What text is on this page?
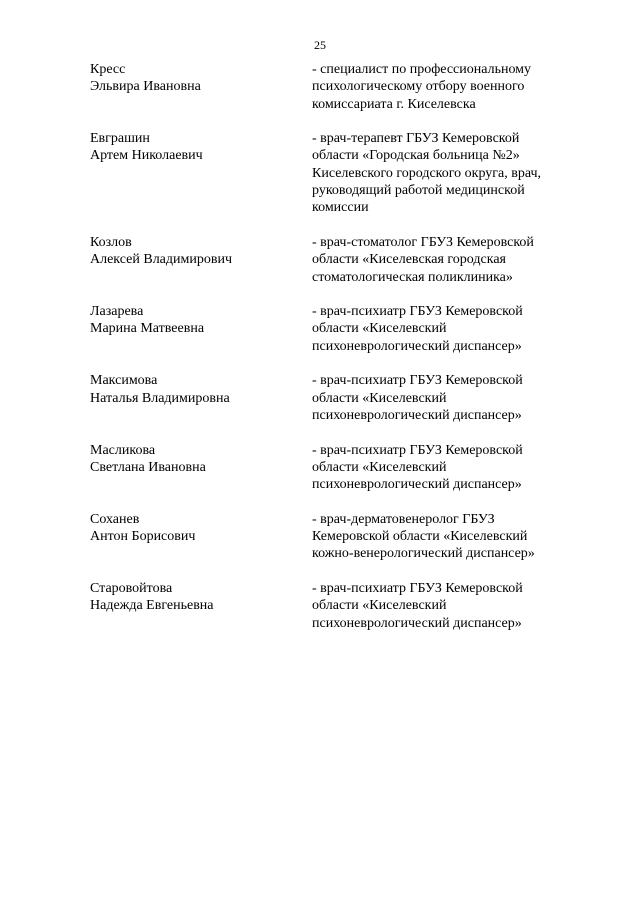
25
Кресс
Эльвира Ивановна
- специалист по профессиональному
психологическому отбору военного
комиссариата г. Киселевска
Евграшин
Артем Николаевич
- врач-терапевт ГБУЗ Кемеровской
области «Городская больница №2»
Киселевского городского округа, врач,
руководящий работой медицинской
комиссии
Козлов
Алексей Владимирович
- врач-стоматолог ГБУЗ Кемеровской
области «Киселевская городская
стоматологическая поликлиника»
Лазарева
Марина Матвеевна
- врач-психиатр ГБУЗ Кемеровской
области «Киселевский
психоневрологический диспансер»
Максимова
Наталья Владимировна
- врач-психиатр ГБУЗ Кемеровской
области «Киселевский
психоневрологический диспансер»
Масликова
Светлана Ивановна
- врач-психиатр ГБУЗ Кемеровской
области «Киселевский
психоневрологический диспансер»
Соханев
Антон Борисович
- врач-дерматовенеролог ГБУЗ
Кемеровской области «Киселевский
кожно-венерологический диспансер»
Старовойтова
Надежда Евгеньевна
- врач-психиатр ГБУЗ Кемеровской
области «Киселевский
психоневрологический диспансер»
